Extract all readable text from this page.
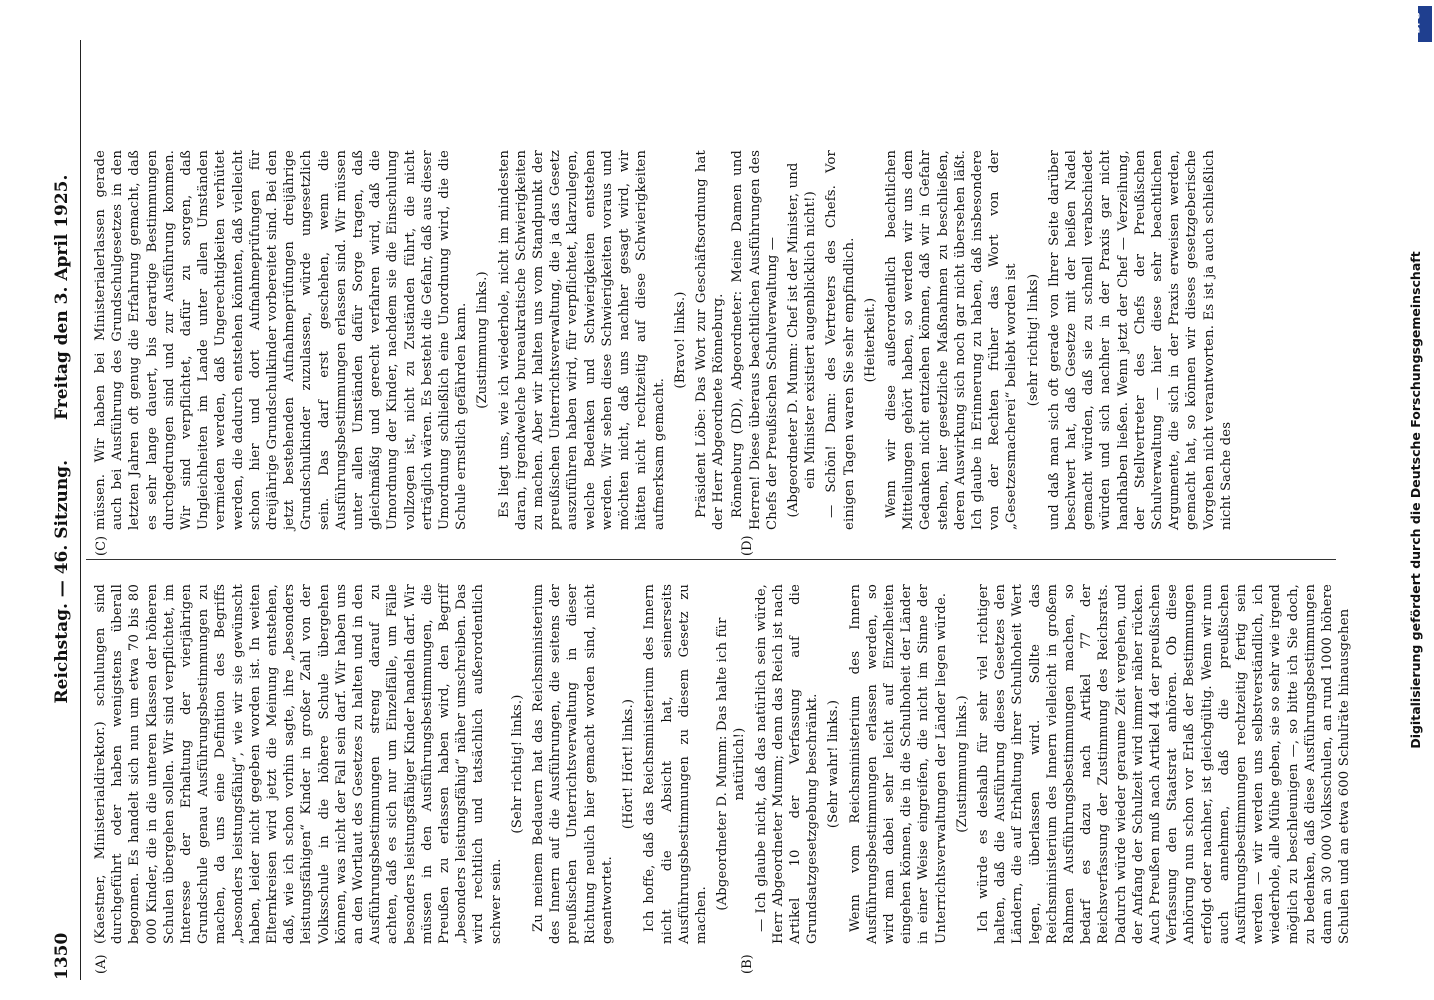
1350
Reichstag. — 46. Sitzung.
Freitag den 3. April 1925.
(A)	(B)
(C)	(D)

(Kaestner, Ministerialdirektor.) schulungen sind durchgeführt oder haben wenigstens überall begonnen. Es handelt sich nun um etwa 70 bis 80 000 Kinder, die in die unteren Klassen der höheren Schulen übergehen sollen. Wir sind verpflichtet, im Interesse der Erhaltung der vierjährigen Grundschule genau Ausführungsbestimmungen zu machen, da uns eine Definition des Begriffs „besonders leistungsfähig“, wie wir sie gewünscht haben, leider nicht gegeben worden ist. In weiten Elternkreisen wird jetzt die Meinung entstehen, daß, wie ich schon vorhin sagte, ihre „besonders leistungsfähigen“ Kinder in großer Zahl von der Volksschule in die höhere Schule übergehen können, was nicht der Fall sein darf. Wir haben uns an den Wortlaut des Gesetzes zu halten und in den Ausführungsbestimmungen streng darauf zu achten, daß es sich nur um Einzelfälle, um Fälle besonders leistungsfähiger Kinder handeln darf. Wir müssen in den Ausführungsbestimmungen, die Preußen zu erlassen haben wird, den Begriff „besonders leistungsfähig“ näher umschreiben. Das wird rechtlich und tatsächlich außerordentlich schwer sein.

(Sehr richtig! links.) Zu meinem Bedauern hat das Reichsministerium des Innern auf die Ausführungen, die seitens der preußischen Unterrichtsverwaltung in dieser Richtung neulich hier gemacht worden sind, nicht geantwortet.

(Hört! Hört! links.) Ich hoffe, daß das Reichsministerium des Innern nicht die Absicht hat, seinerseits Ausführungsbestimmungen zu diesem Gesetz zu machen.

(Abgeordneter D. Mumm: Das halte ich für natürlich!) — Ich glaube nicht, daß das natürlich sein würde, Herr Abgeordneter Mumm; denn das Reich ist nach Artikel 10 der Verfassung auf die Grundsatzgesetzgebung beschränkt. (Sehr wahr! links.) Wenn vom Reichsministerium des Innern Ausführungsbestimmungen erlassen werden, so wird man dabei sehr leicht auf Einzelheiten eingehen können, die in die Schulhoheit der Länder in einer Weise eingreifen, die nicht im Sinne der Unterrichtsverwaltungen der Länder liegen würde. (Zustimmung links.) Ich würde es deshalb für sehr viel richtiger halten, daß die Ausführung dieses Gesetzes den Ländern, die auf Erhaltung ihrer Schulhoheit Wert legen, überlassen wird. Sollte das Reichsministerium des Innern vielleicht in großem Rahmen Ausführungsbestimmungen machen, so bedarf es dazu nach Artikel 77 der Reichsverfassung der Zustimmung des Reichsrats. Dadurch würde wieder geraume Zeit vergehen, und der Anfang der Schulzeit wird immer näher rücken. Auch Preußen muß nach Artikel 44 der preußischen Verfassung den Staatsrat anhören. Ob diese Anhörung nun schon vor Erlaß der Bestimmungen erfolgt oder nachher, ist gleichgültig. Wenn wir nun auch annehmen, daß die preußischen Ausführungsbestimmungen rechtzeitig fertig sein werden — wir werden uns selbstverständlich, ich wiederhole, alle Mühe geben, sie so sehr wie irgend möglich zu beschleunigen —, so bitte ich Sie doch, zu bedenken, daß diese Ausführungsbestimmungen dann an 30 000 Volksschulen, an rund 1000 höhere Schulen und an etwa 600 Schulräte hinausgehen

müssen. Wir haben bei Ministerialerlassen gerade auch bei Ausführung des Grundschulgesetzes in den letzten Jahren oft genug die Erfahrung gemacht, daß es sehr lange dauert, bis derartige Bestimmungen durchgedrungen sind und zur Ausführung kommen. Wir sind verpflichtet, dafür zu sorgen, daß Ungleichheiten im Lande unter allen Umständen vermieden werden, daß Ungerechtigkeiten verhütet werden, die dadurch entstehen könnten, daß vielleicht schon hier und dort Aufnahmeprüfungen für dreijährige Grundschulkinder vorbereitet sind. Bei den jetzt bestehenden Aufnahmeprüfungen dreijährige Grundschulkinder zuzulassen, würde ungesetzlich sein. Das darf erst geschehen, wenn die Ausführungsbestimmungen erlassen sind. Wir müssen unter allen Umständen dafür Sorge tragen, daß gleichmäßig und gerecht verfahren wird, daß die Umordnung der Kinder, nachdem sie die Einschulung vollzogen ist, nicht zu Zuständen führt, die nicht erträglich wären. Es besteht die Gefahr, daß aus dieser Umordnung schließlich eine Unordnung wird, die die Schule ernstlich gefährden kann. (Zustimmung links.) Es liegt uns, wie ich wiederhole, nicht im mindesten daran, irgendwelche bureaukratische Schwierigkeiten zu machen. Aber wir halten uns vom Standpunkt der preußischen Unterrichtsverwaltung, die ja das Gesetz auszuführen haben wird, für verpflichtet, klarzulegen, welche Bedenken und Schwierigkeiten entstehen werden. Wir sehen diese Schwierigkeiten voraus und möchten nicht, daß uns nachher gesagt wird, wir hätten nicht rechtzeitig auf diese Schwierigkeiten aufmerksam gemacht.

(Bravo! links.) Präsident Löbe: Das Wort zur Geschäftsordnung hat der Herr Abgeordnete Rönneburg. Rönneburg (DD), Abgeordneter: Meine Damen und Herren! Diese überaus beachtlichen Ausführungen des Chefs der Preußischen Schulverwaltung — (Abgeordneter D. Mumm: Chef ist der Minister, und ein Minister existiert augenblicklich nicht!) — Schön! Dann: des Vertreters des Chefs. Vor einigen Tagen waren Sie sehr empfindlich. (Heiterkeit.) Wenn wir diese außerordentlich beachtlichen Mitteilungen gehört haben, so werden wir uns dem Gedanken nicht entziehen können, daß wir in Gefahr stehen, hier gesetzliche Maßnahmen zu beschließen, deren Auswirkung sich noch gar nicht übersehen läßt. Ich glaube in Erinnerung zu haben, daß insbesondere von der Rechten früher das Wort von der „Gesetzesmacherei“ beliebt worden ist (sehr richtig! links) und daß man sich oft gerade von Ihrer Seite darüber beschwert hat, daß Gesetze mit der heißen Nadel gemacht würden, daß sie zu schnell verabschiedet würden und sich nachher in der Praxis gar nicht handhaben ließen. Wenn jetzt der Chef — Verzeihung, der Stellvertreter des Chefs der Preußischen Schulverwaltung — hier diese sehr beachtlichen Argumente, die sich in der Praxis erweisen werden, gemacht hat, so können wir dieses gesetzgeberische Vorgehen nicht verantworten. Es ist ja auch schließlich nicht Sache des	Digitalisierung gefördert durch die Deutsche Forschungsgemeinschaft
DFG
